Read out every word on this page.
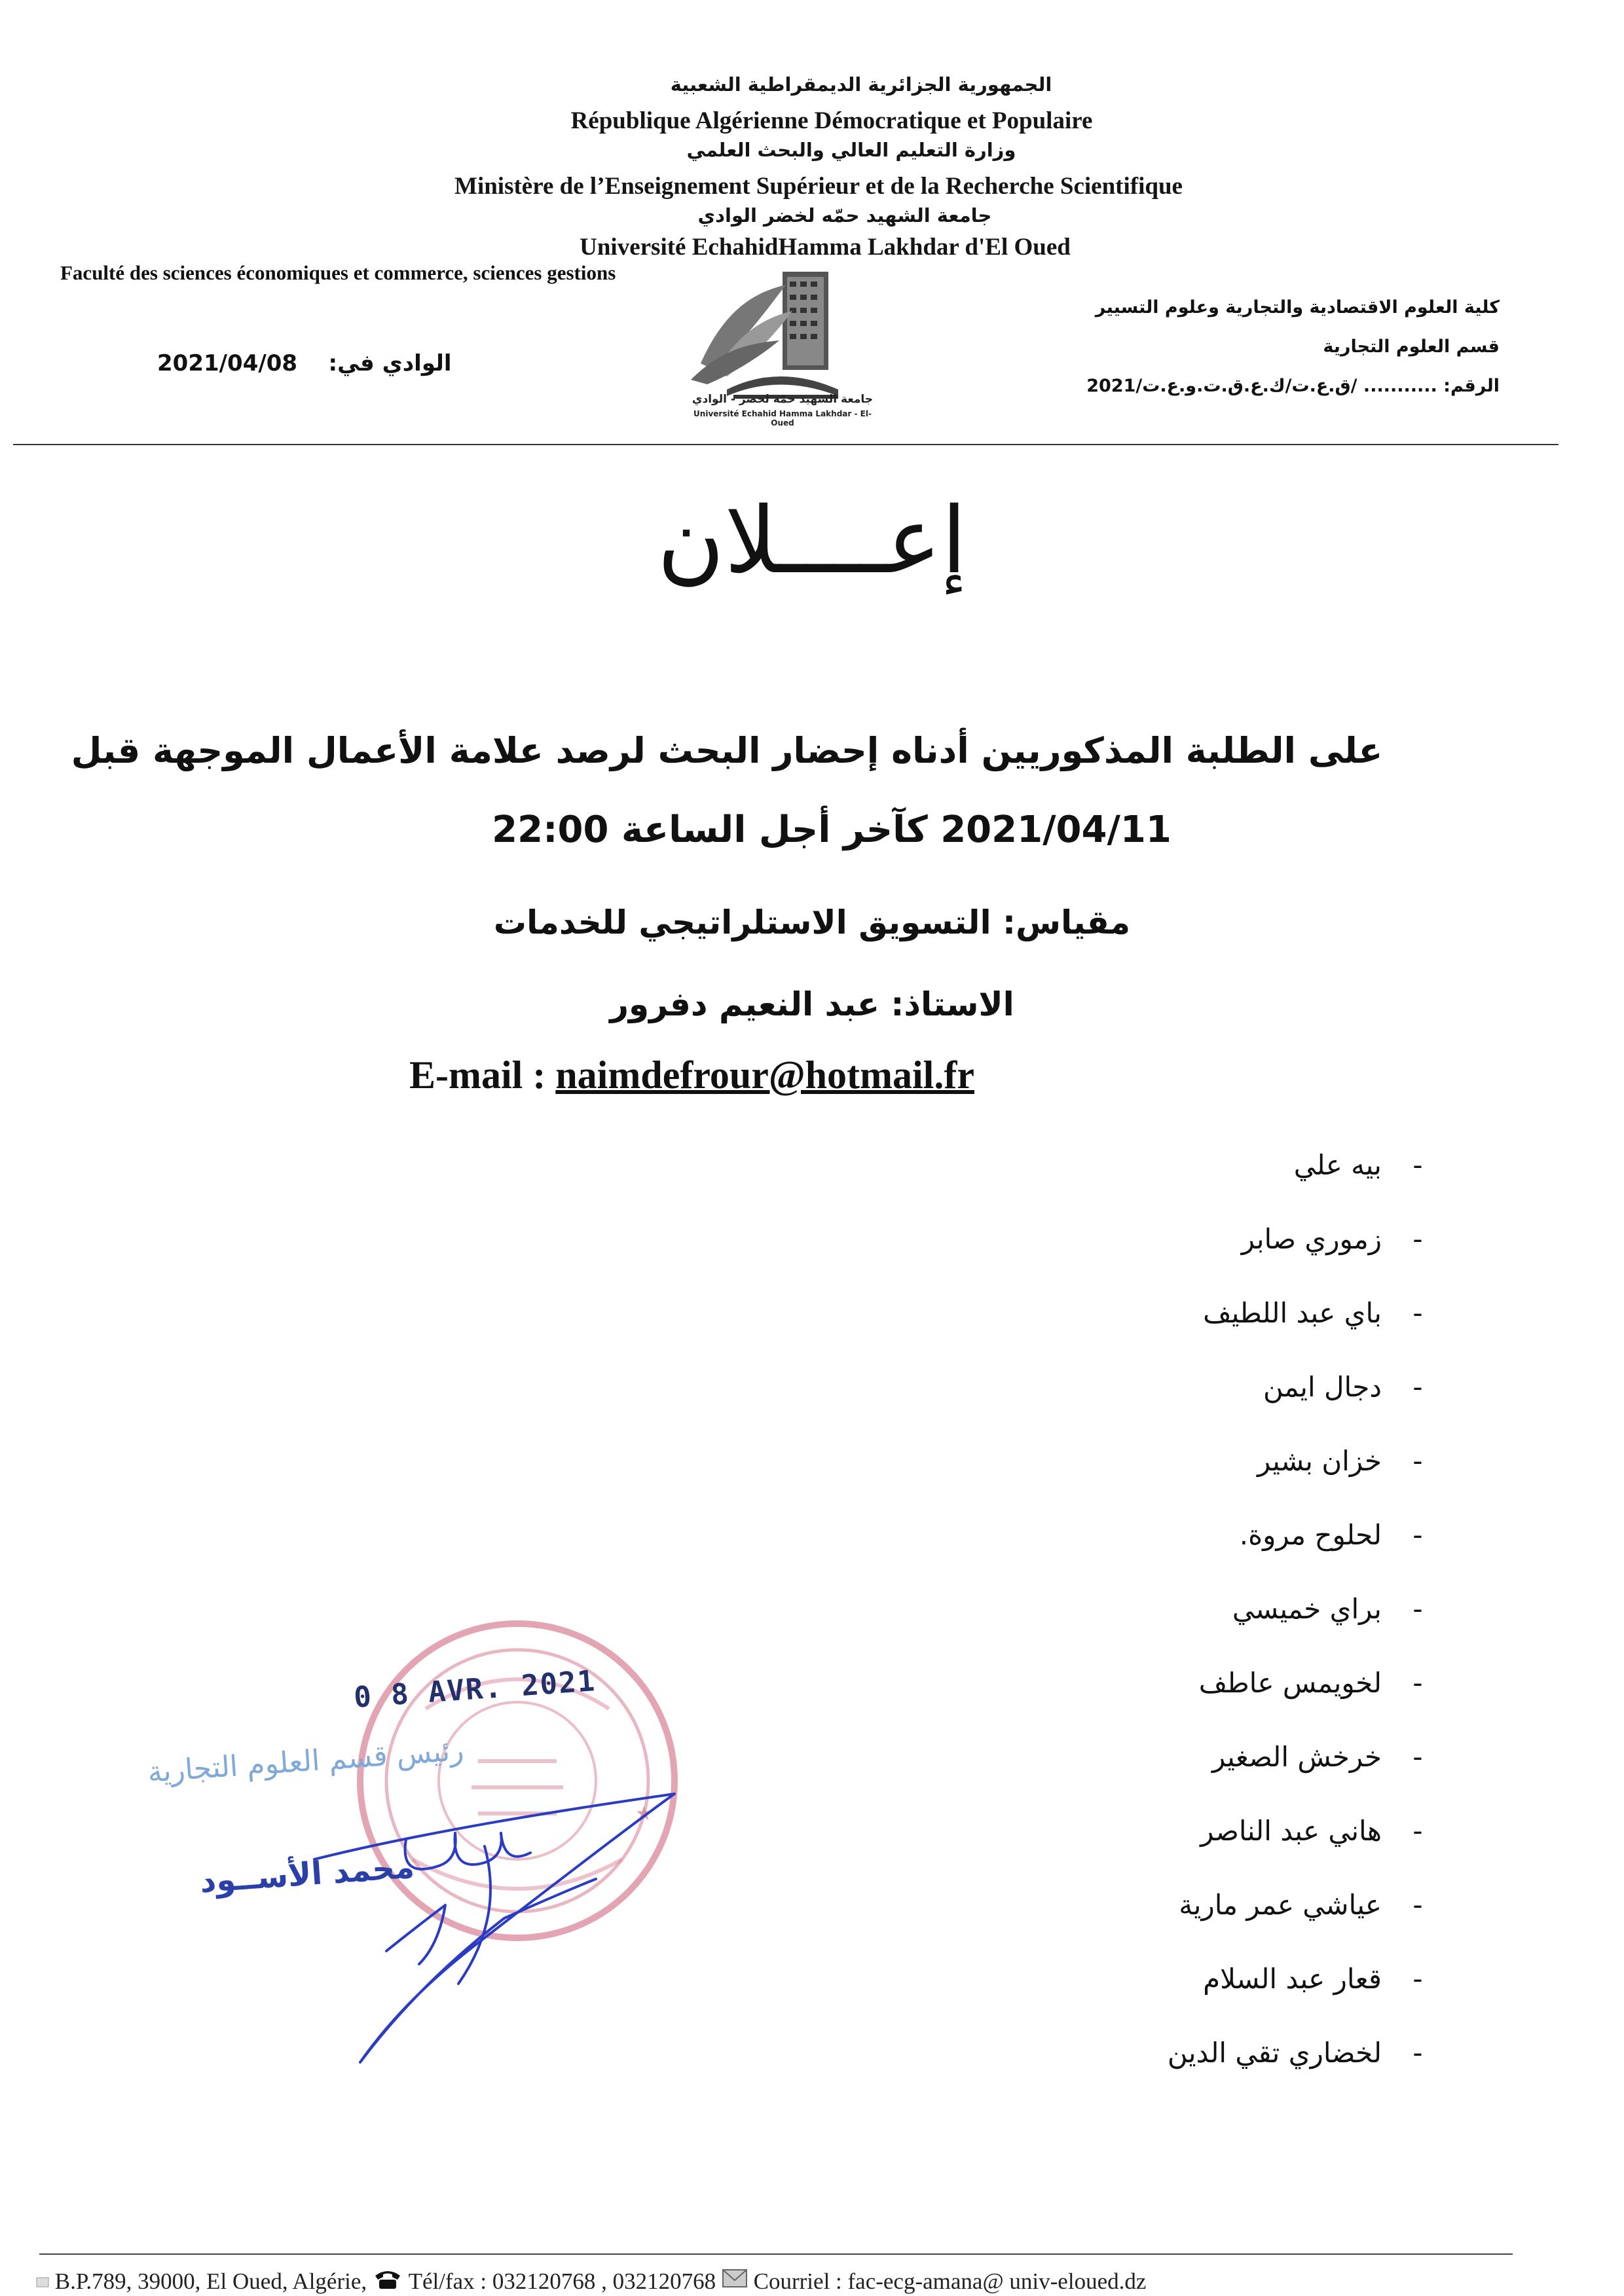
الجمهورية الجزائرية الديمقراطية الشعبية
République Algérienne Démocratique et Populaire
وزارة التعليم العالي والبحث العلمي
Ministère de l’Enseignement Supérieur et de la Recherche Scientifique
جامعة الشهيد حمّه لخضر الوادي
Université EchahidHamma Lakhdar d'El Oued
Faculté des sciences économiques et commerce, sciences gestions
كلية العلوم الاقتصادية والتجارية وعلوم التسيير
قسم العلوم التجارية
الرقم: ........... /ق.ع.ت/ك.ع.ق.ت.و.ع.ت/2021
الوادي في:    2021/04/08
جامعة الشهيد حمّه لخضر - الوادي
Université Echahid Hamma Lakhdar - El-Oued
إعــــلان
على الطلبة المذكوريين أدناه إحضار البحث لرصد علامة الأعمال الموجهة قبل
2021/04/11 كآخر أجل الساعة 22:00
مقياس: التسويق الاستلراتيجي للخدمات
الاستاذ: عبد النعيم دفرور
E-mail : naimdefrour@hotmail.fr
-
بيه علي
-
زموري صابر
-
باي عبد اللطيف
-
دجال ايمن
-
خزان بشير
-
لحلوح مروة.
-
براي خميسي
-
لخويمس عاطف
-
خرخش الصغير
-
هاني عبد الناصر
-
عياشي عمر مارية
-
قعار عبد السلام
-
لخضاري تقي الدين
★
0 8 AVR. 2021
رئيس قسم العلوم التجارية
محمد الأســود
B.P.789, 39000, El Oued, Algérie, Tél/fax : 032120768 , 032120768 Courriel : fac-ecg-amana@ univ-eloued.dz
